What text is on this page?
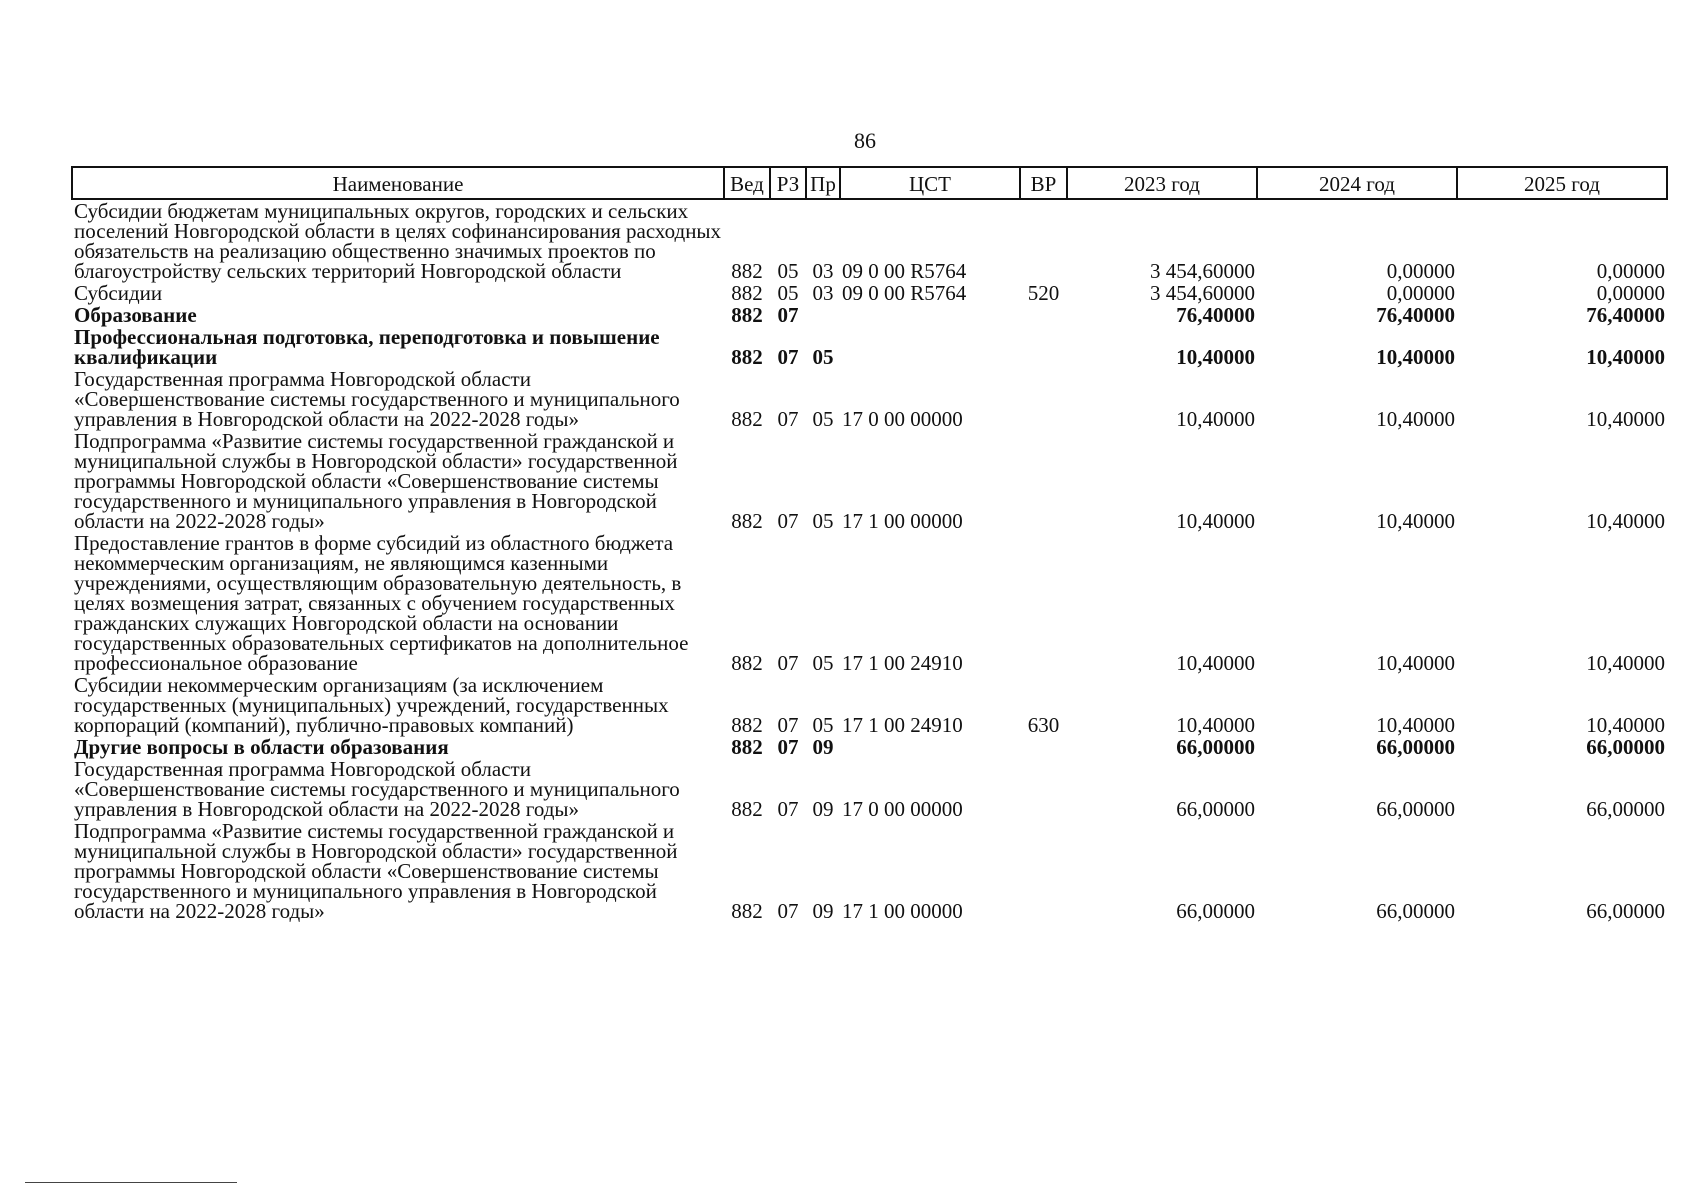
86
Наименование	Вед	РЗ	Пр	ЦСТ	ВР	2023 год	2024 год	2025 год
Субсидии бюджетам муниципальных округов, городских и сельских поселений Новгородской области в целях софинансирования расходных обязательств на реализацию общественно значимых проектов по благоустройству сельских территорий Новгородской области	882	05	03	09 0 00 R5764		3 454,60000	0,00000	0,00000
Субсидии	882	05	03	09 0 00 R5764	520	3 454,60000	0,00000	0,00000
Образование	882	07				76,40000	76,40000	76,40000
Профессиональная подготовка, переподготовка и повышение квалификации	882	07	05			10,40000	10,40000	10,40000
Государственная программа Новгородской области «Совершенствование системы государственного и муниципального управления в Новгородской области на 2022-2028 годы»	882	07	05	17 0 00 00000		10,40000	10,40000	10,40000
Подпрограмма «Развитие системы государственной гражданской и муниципальной службы в Новгородской области» государственной программы Новгородской области «Совершенствование системы государственного и муниципального управления в Новгородской области на 2022-2028 годы»	882	07	05	17 1 00 00000		10,40000	10,40000	10,40000
Предоставление грантов в форме субсидий из областного бюджета некоммерческим организациям, не являющимся казенными учреждениями, осуществляющим образовательную деятельность, в целях возмещения затрат, связанных с обучением государственных гражданских служащих Новгородской области на основании государственных образовательных сертификатов на дополнительное профессиональное образование	882	07	05	17 1 00 24910		10,40000	10,40000	10,40000
Субсидии некоммерческим организациям (за исключением государственных (муниципальных) учреждений, государственных корпораций (компаний), публично-правовых компаний)	882	07	05	17 1 00 24910	630	10,40000	10,40000	10,40000
Другие вопросы в области образования	882	07	09			66,00000	66,00000	66,00000
Государственная программа Новгородской области «Совершенствование системы государственного и муниципального управления в Новгородской области на 2022-2028 годы»	882	07	09	17 0 00 00000		66,00000	66,00000	66,00000
Подпрограмма «Развитие системы государственной гражданской и муниципальной службы в Новгородской области» государственной программы Новгородской области «Совершенствование системы государственного и муниципального управления в Новгородской области на 2022-2028 годы»	882	07	09	17 1 00 00000		66,00000	66,00000	66,00000
